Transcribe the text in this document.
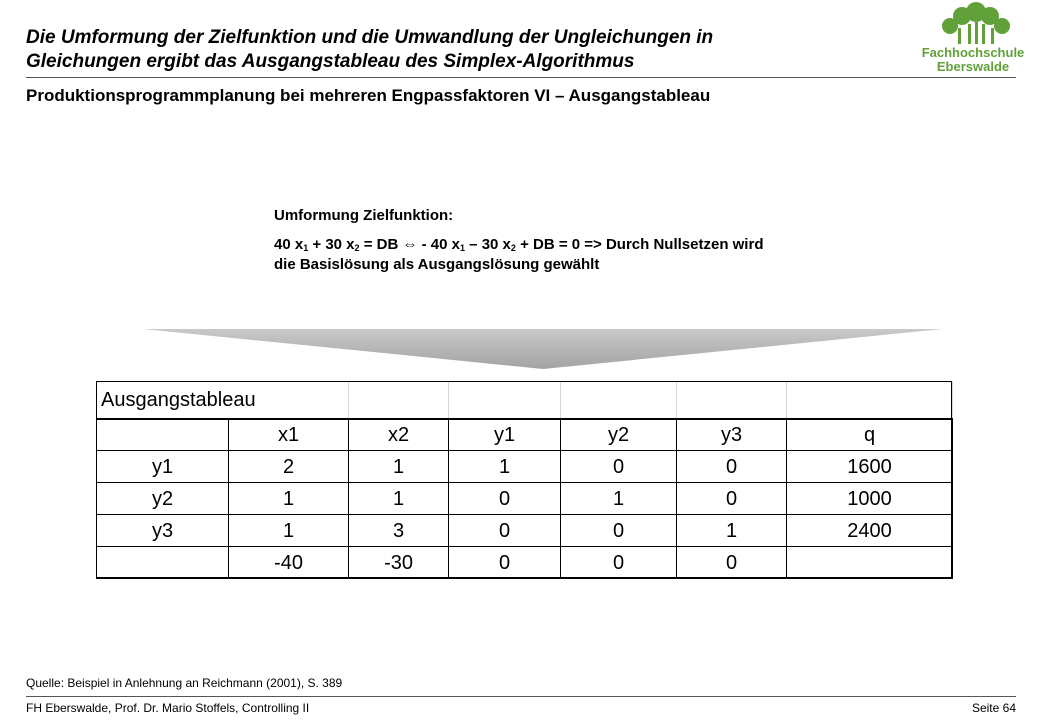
Die Umformung der Zielfunktion und die Umwandlung der Ungleichungen in
Gleichungen ergibt das Ausgangstableau des Simplex-Algorithmus	Fachhochschule
Eberswalde
Produktionsprogrammplanung bei mehreren Engpassfaktoren VI – Ausgangstableau

Umformung Zielfunktion:

40 $x_1 + 30$ $x_2$ = DB ⇔ - 40 $x_1 - 30$ $x_2$ + DB = 0 => Durch Nullsetzen wird die Basislösung als Ausgangslösung gewählt

Ausgangstableau						
	x1	x2	y1	y2	y3	q
y1	2	1	1	0	0	1600
y2	1	1	0	1	0	1000
y3	1	3	0	0	1	2400
	-40	-30	0	0	0	

Quelle: Beispiel in Anlehnung an Reichmann (2001), S. 389

FH Eberswalde, Prof. Dr. Mario Stoffels, Controlling II	Seite 64
